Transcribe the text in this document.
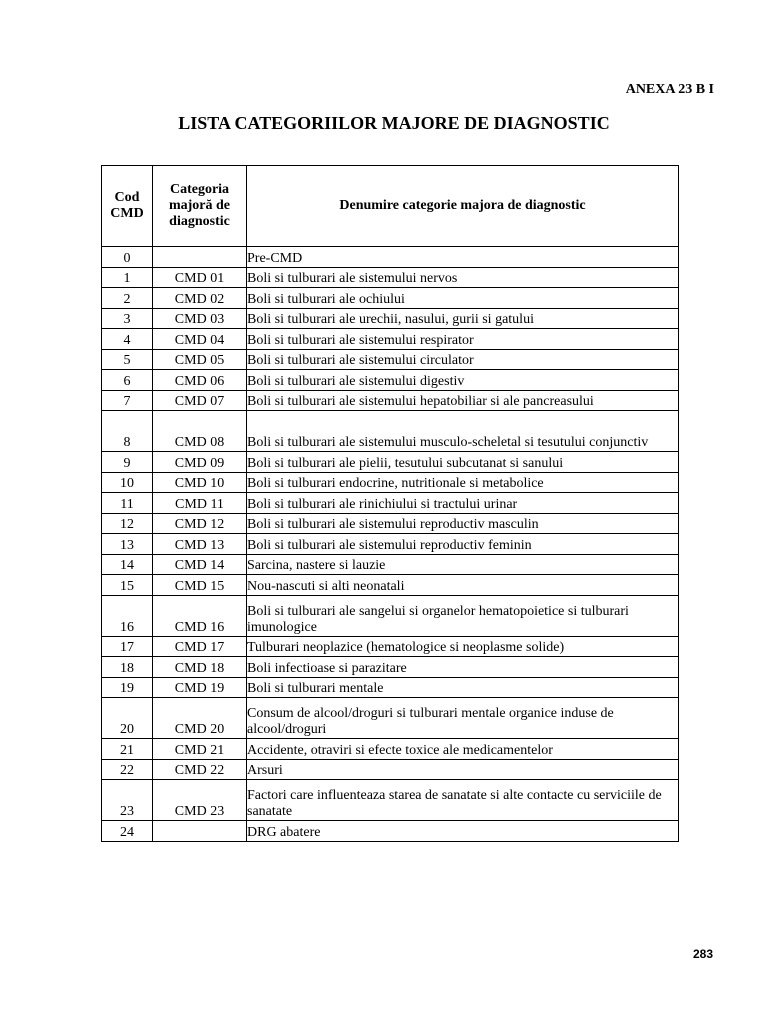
ANEXA 23 B I
LISTA CATEGORIILOR MAJORE DE DIAGNOSTIC
Cod CMD	Categoria majoră de diagnostic	Denumire categorie majora de diagnostic
0		Pre-CMD
1	CMD 01	Boli si tulburari ale sistemului nervos
2	CMD 02	Boli si tulburari ale ochiului
3	CMD 03	Boli si tulburari ale urechii, nasului, gurii si gatului
4	CMD 04	Boli si tulburari ale sistemului respirator
5	CMD 05	Boli si tulburari ale sistemului circulator
6	CMD 06	Boli si tulburari ale sistemului digestiv
7	CMD 07	Boli si tulburari ale sistemului hepatobiliar si ale pancreasului
8	CMD 08	Boli si tulburari ale sistemului musculo-scheletal si tesutului conjunctiv
9	CMD 09	Boli si tulburari ale pielii, tesutului subcutanat si sanului
10	CMD 10	Boli si tulburari endocrine, nutritionale si metabolice
11	CMD 11	Boli si tulburari ale rinichiului si tractului urinar
12	CMD 12	Boli si tulburari ale sistemului reproductiv masculin
13	CMD 13	Boli si tulburari ale sistemului reproductiv feminin
14	CMD 14	Sarcina, nastere si lauzie
15	CMD 15	Nou-nascuti si alti neonatali
16	CMD 16	Boli si tulburari ale sangelui si organelor hematopoietice si tulburari imunologice
17	CMD 17	Tulburari neoplazice (hematologice si neoplasme solide)
18	CMD 18	Boli infectioase si parazitare
19	CMD 19	Boli si tulburari mentale
20	CMD 20	Consum de alcool/droguri si tulburari mentale organice induse de alcool/droguri
21	CMD 21	Accidente, otraviri si efecte toxice ale medicamentelor
22	CMD 22	Arsuri
23	CMD 23	Factori care influenteaza starea de sanatate si alte contacte cu serviciile de sanatate
24		DRG abatere
283
